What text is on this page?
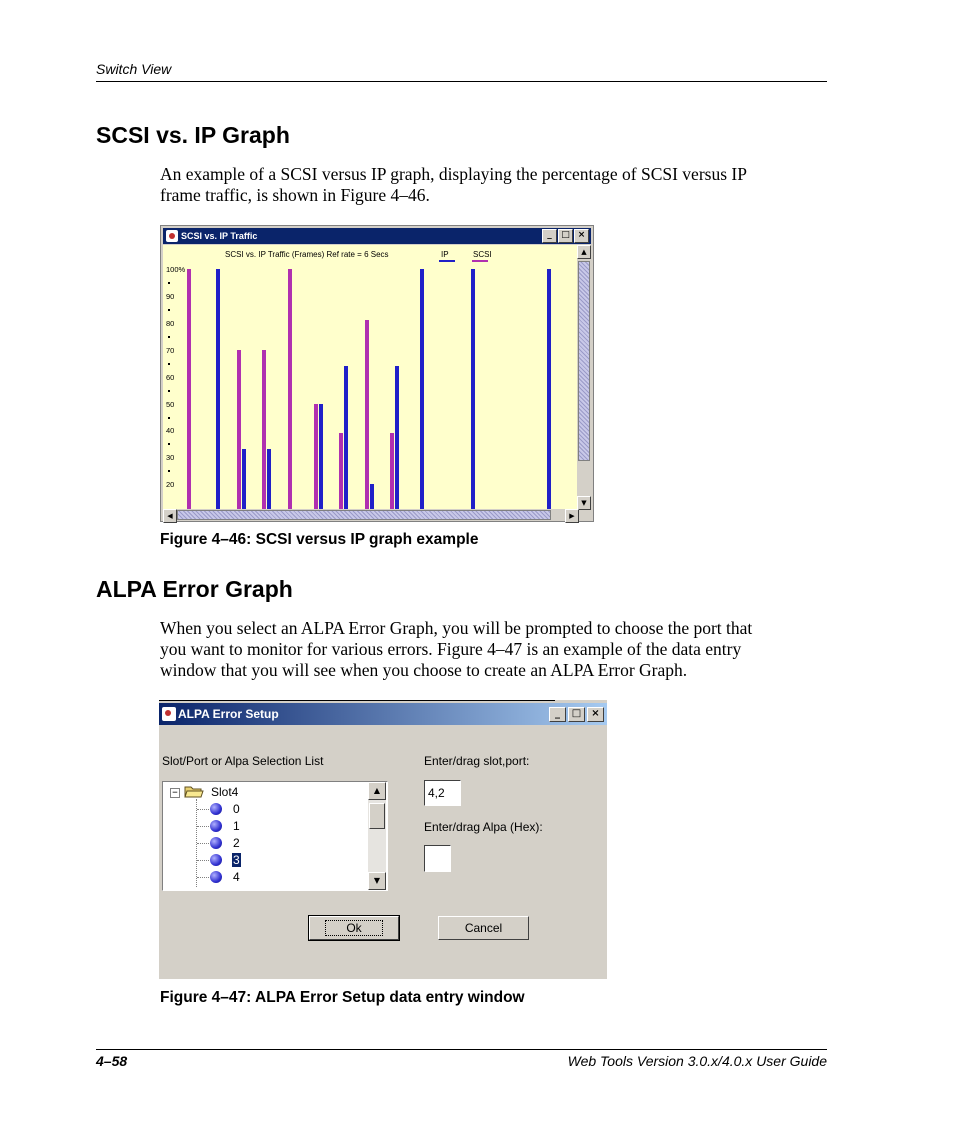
Switch View
SCSI vs. IP Graph
An example of a SCSI versus IP graph, displaying the percentage of SCSI versus IP
frame traffic, is shown in Figure 4–46.
SCSI vs. IP Traffic	_	□ ×
SCSI vs. IP Traffic (Frames) Ref rate = 6 Secs	IP	SCSI
100%
90
80
70
60
50
40
30
20
▲
▼
◀	▶
Figure 4–46: SCSI versus IP graph example
ALPA Error Graph
When you select an ALPA Error Graph, you will be prompted to choose the port that
you want to monitor for various errors. Figure 4–47 is an example of the data entry
window that you will see when you choose to create an ALPA Error Graph.
ALPA Error Setup	_	□	×
Slot/Port or Alpa Selection List
−	Slot4
0
1
2
3
4
▲
▼
Enter/drag slot,port:
4,2
Enter/drag Alpa (Hex):
Ok	Cancel
Figure 4–47: ALPA Error Setup data entry window
4–58	Web Tools Version 3.0.x/4.0.x User Guide
